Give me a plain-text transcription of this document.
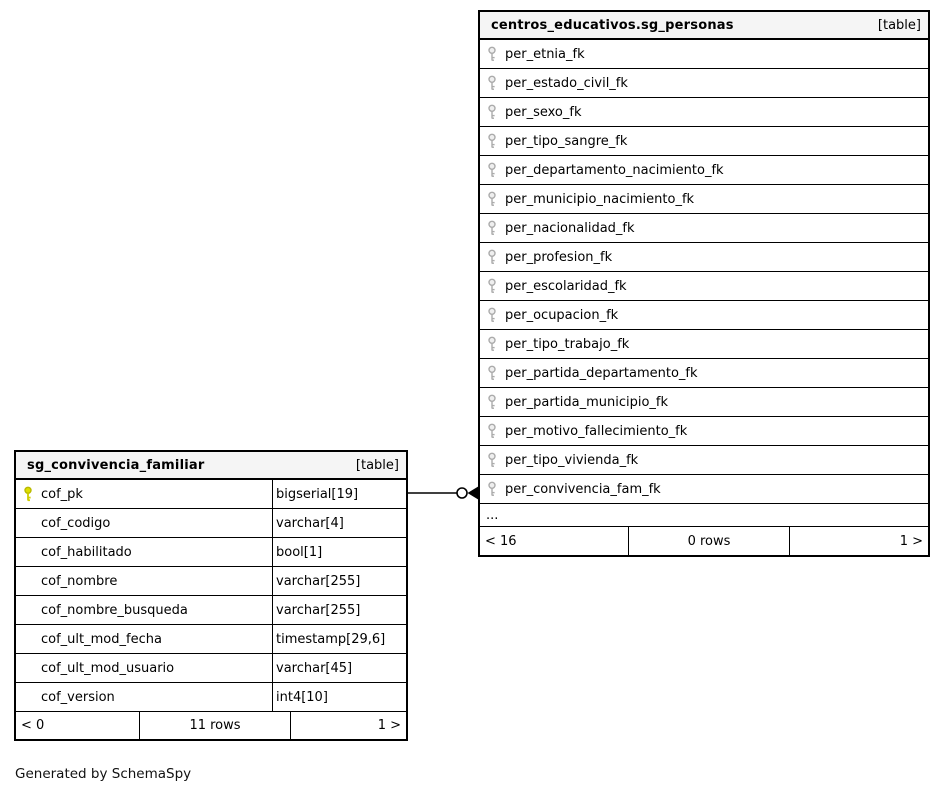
sg_convivencia_familiar	[table]
cof_pk	bigserial[19]
cof_codigo	varchar[4]
cof_habilitado	bool[1]
cof_nombre	varchar[255]
cof_nombre_busqueda	varchar[255]
cof_ult_mod_fecha	timestamp[29,6]
cof_ult_mod_usuario	varchar[45]
cof_version	int4[10]
< 0	11 rows	1 >
centros_educativos.sg_personas	[table]
per_etnia_fk
per_estado_civil_fk
per_sexo_fk
per_tipo_sangre_fk
per_departamento_nacimiento_fk
per_municipio_nacimiento_fk
per_nacionalidad_fk
per_profesion_fk
per_escolaridad_fk
per_ocupacion_fk
per_tipo_trabajo_fk
per_partida_departamento_fk
per_partida_municipio_fk
per_motivo_fallecimiento_fk
per_tipo_vivienda_fk
per_convivencia_fam_fk
...
< 16	0 rows	1 >
Generated by SchemaSpy
